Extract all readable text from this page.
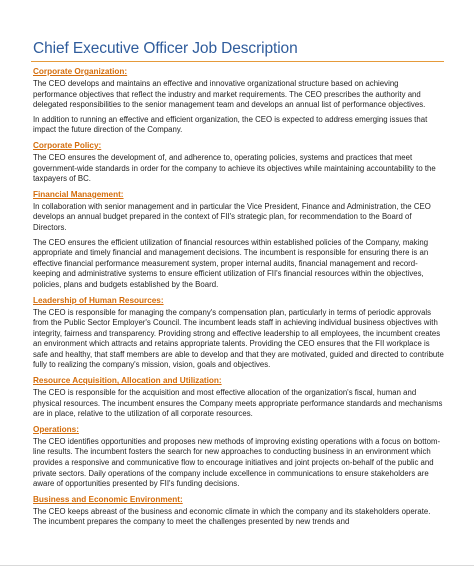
Chief Executive Officer Job Description
Corporate Organization:

The CEO develops and maintains an effective and innovative organizational structure based on achieving performance objectives that reflect the industry and market requirements. The CEO prescribes the authority and delegated responsibilities to the senior management team and develops an annual list of performance objectives.

In addition to running an effective and efficient organization, the CEO is expected to address emerging issues that impact the future direction of the Company.

Corporate Policy:

The CEO ensures the development of, and adherence to, operating policies, systems and practices that meet government-wide standards in order for the company to achieve its objectives while maintaining accountability to the taxpayers of BC.

Financial Management:

In collaboration with senior management and in particular the Vice President, Finance and Administration, the CEO develops an annual budget prepared in the context of FII's strategic plan, for recommendation to the Board of Directors.

The CEO ensures the efficient utilization of financial resources within established policies of the Company, making appropriate and timely financial and management decisions. The incumbent is responsible for ensuring there is an effective financial performance measurement system, proper internal audits, financial management and record-keeping and administrative systems to ensure efficient utilization of FII's financial resources within the objectives, policies, plans and budgets established by the Board.

Leadership of Human Resources:

The CEO is responsible for managing the company's compensation plan, particularly in terms of periodic approvals from the Public Sector Employer's Council. The incumbent leads staff in achieving individual business objectives with integrity, fairness and transparency. Providing strong and effective leadership to all employees, the incumbent creates an environment which attracts and retains appropriate talents. Providing the CEO ensures that the FII workplace is safe and healthy, that staff members are able to develop and that they are motivated, guided and directed to contribute fully to realizing the company's mission, vision, goals and objectives.

Resource Acquisition, Allocation and Utilization:

The CEO is responsible for the acquisition and most effective allocation of the organization's fiscal, human and physical resources. The incumbent ensures the Company meets appropriate performance standards and mechanisms are in place, relative to the utilization of all corporate resources.

Operations:

The CEO identifies opportunities and proposes new methods of improving existing operations with a focus on bottom-line results. The incumbent fosters the search for new approaches to conducting business in an environment which provides a responsive and communicative flow to encourage initiatives and joint projects on-behalf of the public and private sectors. Daily operations of the company include excellence in communications to ensure stakeholders are aware of opportunities presented by FII's funding decisions.

Business and Economic Environment:

The CEO keeps abreast of the business and economic climate in which the company and its stakeholders operate. The incumbent prepares the company to meet the challenges presented by new trends and
